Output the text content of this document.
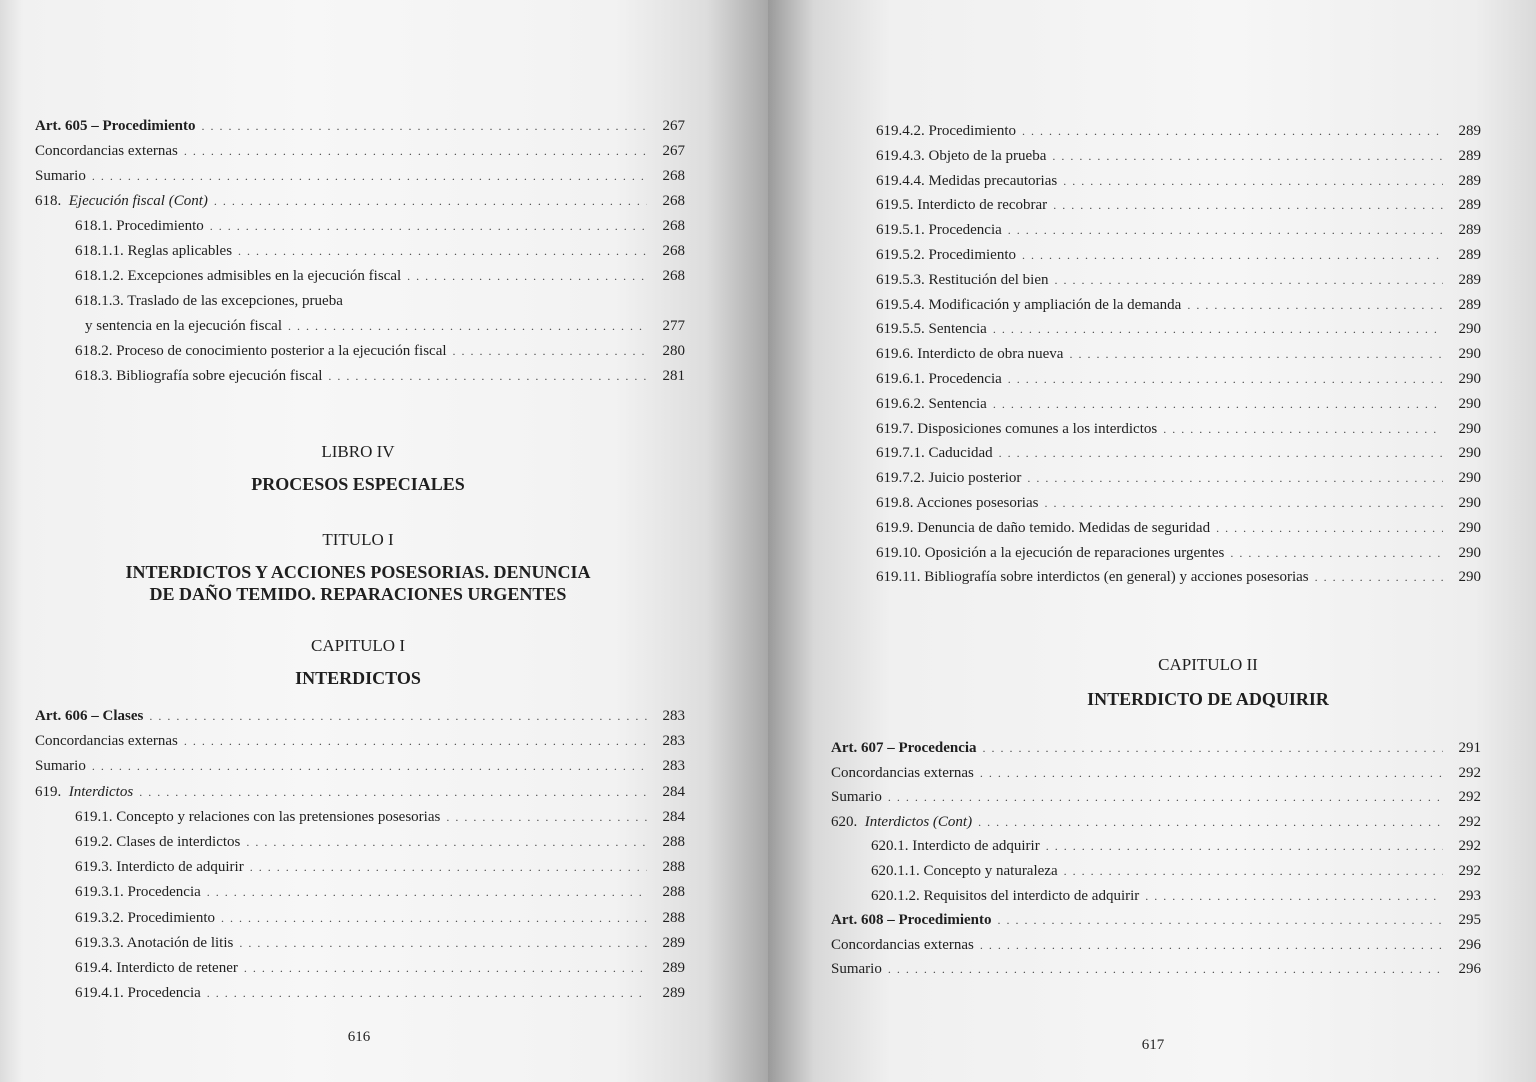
Art. 605 – Procedimiento . . .	267
Concordancias externas . . .	267
Sumario . . .	268
618.  Ejecución fiscal (Cont) . . .	268
618.1. Procedimiento . . .	268
618.1.1. Reglas aplicables . . .	268
618.1.2. Excepciones admisibles en la ejecución fiscal . . .	268
618.1.3. Traslado de las excepciones, prueba
y sentencia en la ejecución fiscal . . .	277
618.2. Proceso de conocimiento posterior a la ejecución fiscal . . .	280
618.3. Bibliografía sobre ejecución fiscal . . .	281
LIBRO IV
PROCESOS ESPECIALES
TITULO I
INTERDICTOS Y ACCIONES POSESORIAS. DENUNCIA
DE DAÑO TEMIDO. REPARACIONES URGENTES
CAPITULO I
INTERDICTOS
Art. 606 – Clases . . .	283
Concordancias externas . . .	283
Sumario . . .	283
619.  Interdictos . . .	284
619.1. Concepto y relaciones con las pretensiones posesorias . . .	284
619.2. Clases de interdictos . . .	288
619.3. Interdicto de adquirir . . .	288
619.3.1. Procedencia . . .	288
619.3.2. Procedimiento . . .	288
619.3.3. Anotación de litis . . .	289
619.4. Interdicto de retener . . .	289
619.4.1. Procedencia . . .	289
616
619.4.2. Procedimiento . . .	289
619.4.3. Objeto de la prueba . . .	289
619.4.4. Medidas precautorias . . .	289
619.5. Interdicto de recobrar . . .	289
619.5.1. Procedencia . . .	289
619.5.2. Procedimiento . . .	289
619.5.3. Restitución del bien . . .	289
619.5.4. Modificación y ampliación de la demanda . . .	289
619.5.5. Sentencia . . .	290
619.6. Interdicto de obra nueva . . .	290
619.6.1. Procedencia . . .	290
619.6.2. Sentencia . . .	290
619.7. Disposiciones comunes a los interdictos . . .	290
619.7.1. Caducidad . . .	290
619.7.2. Juicio posterior . . .	290
619.8. Acciones posesorias . . .	290
619.9. Denuncia de daño temido. Medidas de seguridad . . .	290
619.10. Oposición a la ejecución de reparaciones urgentes . . .	290
619.11. Bibliografía sobre interdictos (en general) y acciones posesorias . . .	290
CAPITULO II
INTERDICTO DE ADQUIRIR
Art. 607 – Procedencia . . .	291
Concordancias externas . . .	292
Sumario . . .	292
620.  Interdictos (Cont) . . .	292
620.1. Interdicto de adquirir . . .	292
620.1.1. Concepto y naturaleza . . .	292
620.1.2. Requisitos del interdicto de adquirir . . .	293
Art. 608 – Procedimiento . . .	295
Concordancias externas . . .	296
Sumario . . .	296
617
